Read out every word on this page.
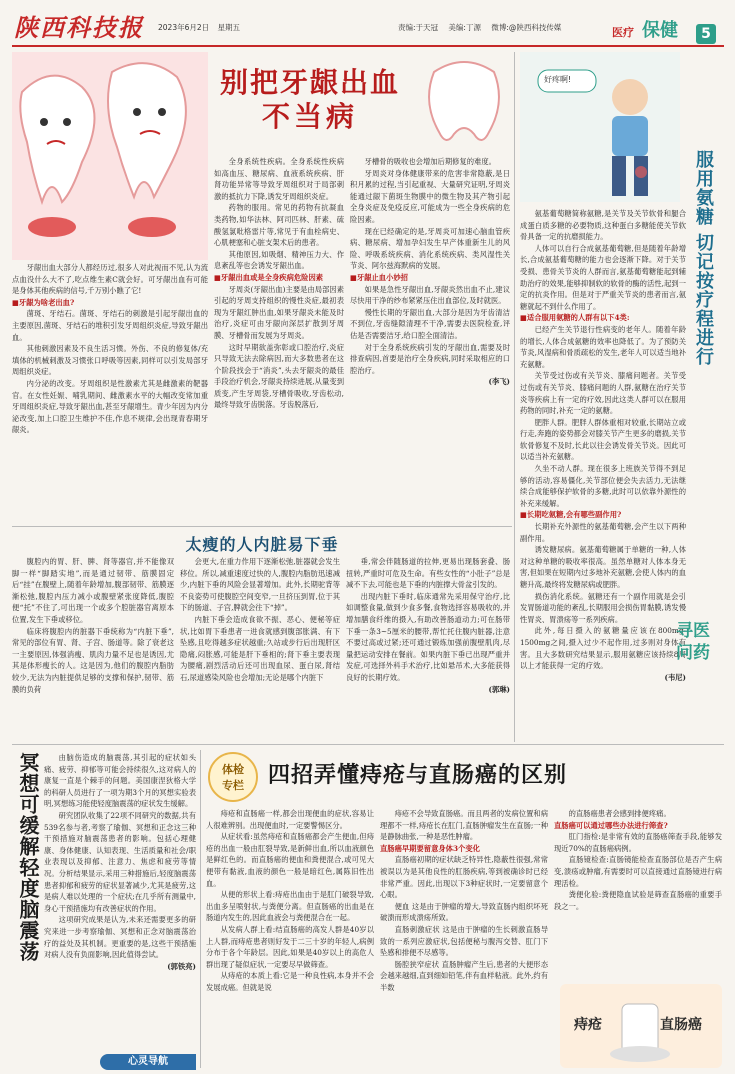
陕西科技报 2023年6月2日 星期五	责编:于天冠 美编:丁源 微博:@陕西科技传媒	医疗 保健	5
别把牙龈出血
不当病

牙龈出血大部分人都经历过,很多人对此视而不见,认为流点血没什么大不了,吃点维生素C就会好。可牙龈出血有可能是身体其他疾病的信号,千万别小瞧了它!

■牙龈为啥老出血?

菌斑、牙结石。菌斑、牙结石的刺激是引起牙龈出血的主要原因,菌斑、牙结石的堆积引发牙周组织炎症,导致牙龈出血。

其他刺激因素及不良生活习惯。外伤、不良的修复体/充填体的机械刺激及习惯张口呼吸等因素,同样可以引发局部牙周组织炎症。

内分泌的改变。牙周组织是性激素尤其是雌激素的靶器官。在女性妊娠、哺乳期间、雌激素水平的大幅改变常加重牙周组织炎症,导致牙龈出血,甚至牙龈增生。青少年因为内分泌改变,加上口腔卫生维护不佳,作息不规律,会出现青春期牙龈炎。

全身系统性疾病。全身系统性疾病如高血压、糖尿病、血液系统疾病、肝肾功能异常等导致牙周组织对于局部刺激的抵抗力下降,诱发牙周组织炎症。

药物的服用。常见的药物有抗凝血类药物,如华法林、阿司匹林、肝素、硫酸氢氯吡格雷片等,常见于有血栓病史、心肌梗塞和心脏支架术后的患者。

其他原因,如吸烟、精神压力大、作息紊乱等也会诱发牙龈出血。

■牙龈出血或是全身疾病危险因素

牙周炎(牙龈出血)主要是由局部因素引起的牙周支持组织的慢性炎症,最初表现为牙龈红肿出血,如果牙龈炎未能及时治疗,炎症可由牙龈向深层扩散到牙周膜、牙槽骨而发展为牙周炎。

这时早期欲盖弥彰或口腔治疗,炎症只导致无法去除病因,而大多数患者在这个阶段找会于“消炎”,头去牙龈炎的最佳手段治疗机会,牙龈炎持续进展,从量变到质变,产生牙周袋,牙槽骨吸收,牙齿松动,最终导致牙齿脱落。牙齿脱落后,

牙槽骨的吸收也会增加后期修复的难度。

牙周炎对身体健康带来的危害非常隐蔽,是日积月累的过程,当引起重视、大量研究证明,牙周炎能通过龈下菌斑生物膜中的微生物及其产物引起全身炎症及免疫反应,可能成为一些全身疾病的危险因素。

现在已经确定的是,牙周炎可加速心脑血管疾病、糖尿病、增加孕妇发生早产体重新生儿的风险、呼吸系统疾病、消化系统疾病、类风湿性关节炎、阿尔兹海默病的发展。

■牙龈止血小妙招

如果是急性牙龈出血,牙龈炎然出血不止,建议尽快用干净的纱布紧紧压住出血部位,及时就医。

慢性长期的牙龈出血,大部分是因为牙齿清洁不到位,牙齿缝隙清理不干净,需要去医院检查,评估是否需要洁牙,给口腔全面清洁。

对于全身系统疾病引发的牙龈出血,需要及时排查病因,首要是治疗全身疾病,同时采取相应的口腔治疗。

(李飞)

好疼啊!
服用氨糖 切记按疗程进行

氨基葡萄糖简称氨糖,是关节及关节软骨和腿合成蛋白质多糖的必要物质,这种蛋白多糖能使关节软骨具备一定的抗磨损能力。

人体可以自行合成氨基葡萄糖,但是随着年龄增长,合成氨基葡萄糖的能力也会逐渐下降。对于关节受损、患骨关节炎的人群而言,氨基葡萄糖能起到辅助治疗的效果,能够抑制软的软骨的酶的活性,起到一定的抗炎作用。但是对于严重关节炎的患者而言,氨糖就起不到什么作用了。

■适合服用氨糖的人群有以下4类:

已经产生关节退行性病变的老年人。随着年龄的增长,人体合成氨糖的效率也降低了。为了预防关节炎,风湿病和骨质疏松的发生,老年人可以适当地补充氨糖。

关节受过伤或有关节炎、膝痛问题者。关节受过伤或有关节炎、膝痛问题的人群,氨糖在治疗关节炎等疾病上有一定的疗效,因此这类人群可以在服用药物的同时,补充一定的氨糖。

肥胖人群。肥胖人群体重相对较重,长期站立或行走,奔跑的姿势都会对膝关节产生更多的磨损,关节软骨修复不及时,长此以往会诱发骨关节炎。因此可以适当补充氨糖。

久坐不动人群。现在很多上班族关节得不到足够的活动,容易僵化,关节部位便会失去活力,无法继续合成能够保护软骨的多糖,此时可以依靠外源性的补充来缓解。

■长期吃氨糖,会有哪些副作用?

长期补充外源性的氨基葡萄糖,会产生以下两种副作用。

诱发糖尿病。氨基葡萄糖属于单糖的一种,人体对这种单糖的吸收率很高。虽然单糖对人体本身无害,但如果在短期内过多地补充氨糖,会使人体内的血糖升高,最终将发糖尿病或肥胖。

损伤消化系统。氨糖还有一个副作用就是会引发胃肠道功能的紊乱,长期服用会损伤胃黏膜,诱发慢性胃炎、胃溃疡等一系列疾病。

此外,每日摄入的氨糖量应该在800mg-1500mg之间,摄入过少不起作用,过多则对身体有害。且大多数研究结果显示,服用氨糖应该持续8周以上才能获得一定的疗效。

(韦尼)

寻医
问药
太瘦的人内脏易下垂

腹腔内的胃、肝、脾、肾等器官,并不能像双脚一样“脚踏实地”,而是通过韧带、筋膜固定后“挂”在腹壁上,随着年龄增加,腹部韧带、筋膜逐渐松弛,腹腔内压力减小或腹壁紧张度降低,腹腔便“托”不住了,可出现一个或多个腔脏器官离原本位置,发生下垂或移位。

临床将腹腔内的脏器下垂统称为“内脏下垂”,常见的部位有胃、肾、子宫、肠道等。除了衰老这一主要原因,体强消瘦、肌肉力量不足也是诱因,尤其是体形瘦长的人。这是因为,他们的腹腔内脂肪较少,无法为内脏提供足够的支撑和保护,韧带、筋膜的负荷

会更大,在重力作用下逐渐松弛,脏器就会发生移位。所以,减重速度过快的人,腹腔内脂肪迅速减少,内脏下垂的风险会显著增加。此外,长期驼背等不良姿势可使腹腔空间变窄,一旦挤压到胃,位于其下的肠道、子宫,脾就会往下“掉”。

内脏下垂会造成食欲不振、恶心、便秘等症状,比如胃下垂患者一进食就感到腹部胀满、有下坠感,且吃得越多症状越重;久站或步行后出现肝区隐痛,闷胀感,可能是肝下垂相的;肾下垂主要表现为腰痛,剧烈活动后还可出现血尿、蛋白尿,肾结石,尿道感染风险也会增加;无论是哪个内脏下

垂,常会伴随肠道的拉伸,更易出现肠套叠、肠扭转,严重时可危及生命。有些女性的“小肚子”总是减不下去,可能也是下垂的内脏撑大骨盆引发的。

出现内脏下垂时,临床通常先采用保守治疗,比如调整食量,做到少食多餐,食物选择容易吸收的,并增加膳食纤维的摄入,有助改善肠道动力;可在肠带下垂一条3~5厘米的腰带,帮忙托住腹内脏器,注意不要过高或过紧;还可通过锻炼加强前腹壁肌肉,尽量把运动安排在餐前。如果内脏下垂已出现严重并发症,可选择外科手术治疗,比如悬吊术,大多能获得良好的长期疗效。

(郭琳)

冥想可缓解轻度脑震荡	由脑伤造成的脑震荡,其引起的症状如头痛、疲劳、抑郁等可能会持续很久,这对病人的康复一直是个棘手的问题。美国康涅狄格大学的科研人员进行了一项为期3个月的冥想实验表明,冥想练习能使轻度脑震荡的症状发生缓解。

研究团队收集了22项不同研究的数据,共有539名参与者,考察了瑜伽、冥想和正念这三种干预措施对脑震荡患者的影响。包括心理健康、身体健康、认知表现、生活质量和社会/职业表现以及抑郁、注意力、焦虑和疲劳等情况。分析结果显示,采用三种措施后,轻度脑震荡患者抑郁和疲劳的症状显著减少,尤其是疲劳,这是病人难以处理的一个症状;在几乎所有测量中,身心干预措施均有改善症状的作用。

这项研究成果是认为,未来还需要更多的研究来进一步考察瑜伽、冥想和正念对脑震荡治疗的益处及其机制。更重要的是,这些干预措施对病人没有负面影响,因此值得尝试。

(郭铁亮)

心灵导航
体检
专栏	四招弄懂痔疮与直肠癌的区别

痔疮和直肠癌一样,都会出现便血的症状,容易让人很难辨别。出现便血时,一定要警惕区分。

从症状看:虽然痔疮和直肠癌都会产生便血,但痔疮的出血一般由肛裂导致,是新鲜出血,所以血液颜色是鲜红色的。而直肠癌的便血和粪便混合,或可见大便带有黏液,血液的颜色一般是暗红色,属陈旧性出血。

从便的形状上看:痔疮出血由于是肛门破裂导致,出血多呈喷射状,与粪便分离。但直肠癌的出血是在肠道内发生的,因此血液会与粪便混合在一起。

从发病人群上看:结直肠癌的高发人群是40岁以上人群,而痔疮患者则好发于二三十岁的年轻人,病例分布于各个年龄层。因此,如果是40岁以上的高危人群出现了疑似症状,一定要尽早做筛查。

从痔疮的本质上看:它是一种良性病,本身并不会发展成癌。但就是说

痔疮不会导致直肠癌。而且两者的发病位置和病理都不一样,痔疮长在肛门,直肠肿瘤发生在直肠;一种是静脉曲张,一种是恶性肿瘤。

直肠癌早期要留意身体3个变化

直肠癌初期的症状缺乏特异性,隐蔽性很强,常常被误以为是其他良性的肛肠疾病,等到被确诊时已经非常严重。因此,出现以下3种症状时,一定要留意个心眼。

便血 这是由于肿瘤的增大,导致直肠内组织坏死破溃而形成溃疡所致。

直肠刺激症状 这是由于肿瘤的生长刺激直肠导致的一系列应激症状,包括便秘与腹泻交替、肛门下坠感和排便不尽感等。

肠腔狭窄症状 直肠肿瘤产生后,患者的大便形态会越来越细,直到细如铅笔,伴有血样粘液。此外,约有半数

的直肠癌患者会感到排便疼痛。

直肠癌可以通过哪些办法进行筛查?

肛门指检:是非常有效的直肠癌筛查手段,能够发现近70%的直肠癌病例。

直肠镜检查:直肠镜能检查直肠部位是否产生病变,溃疡或肿瘤,有需要时可以直接通过直肠镜进行病理活检。

粪便化验:粪便隐血试验是筛查直肠癌的重要手段之一。

痔疮	直肠癌
